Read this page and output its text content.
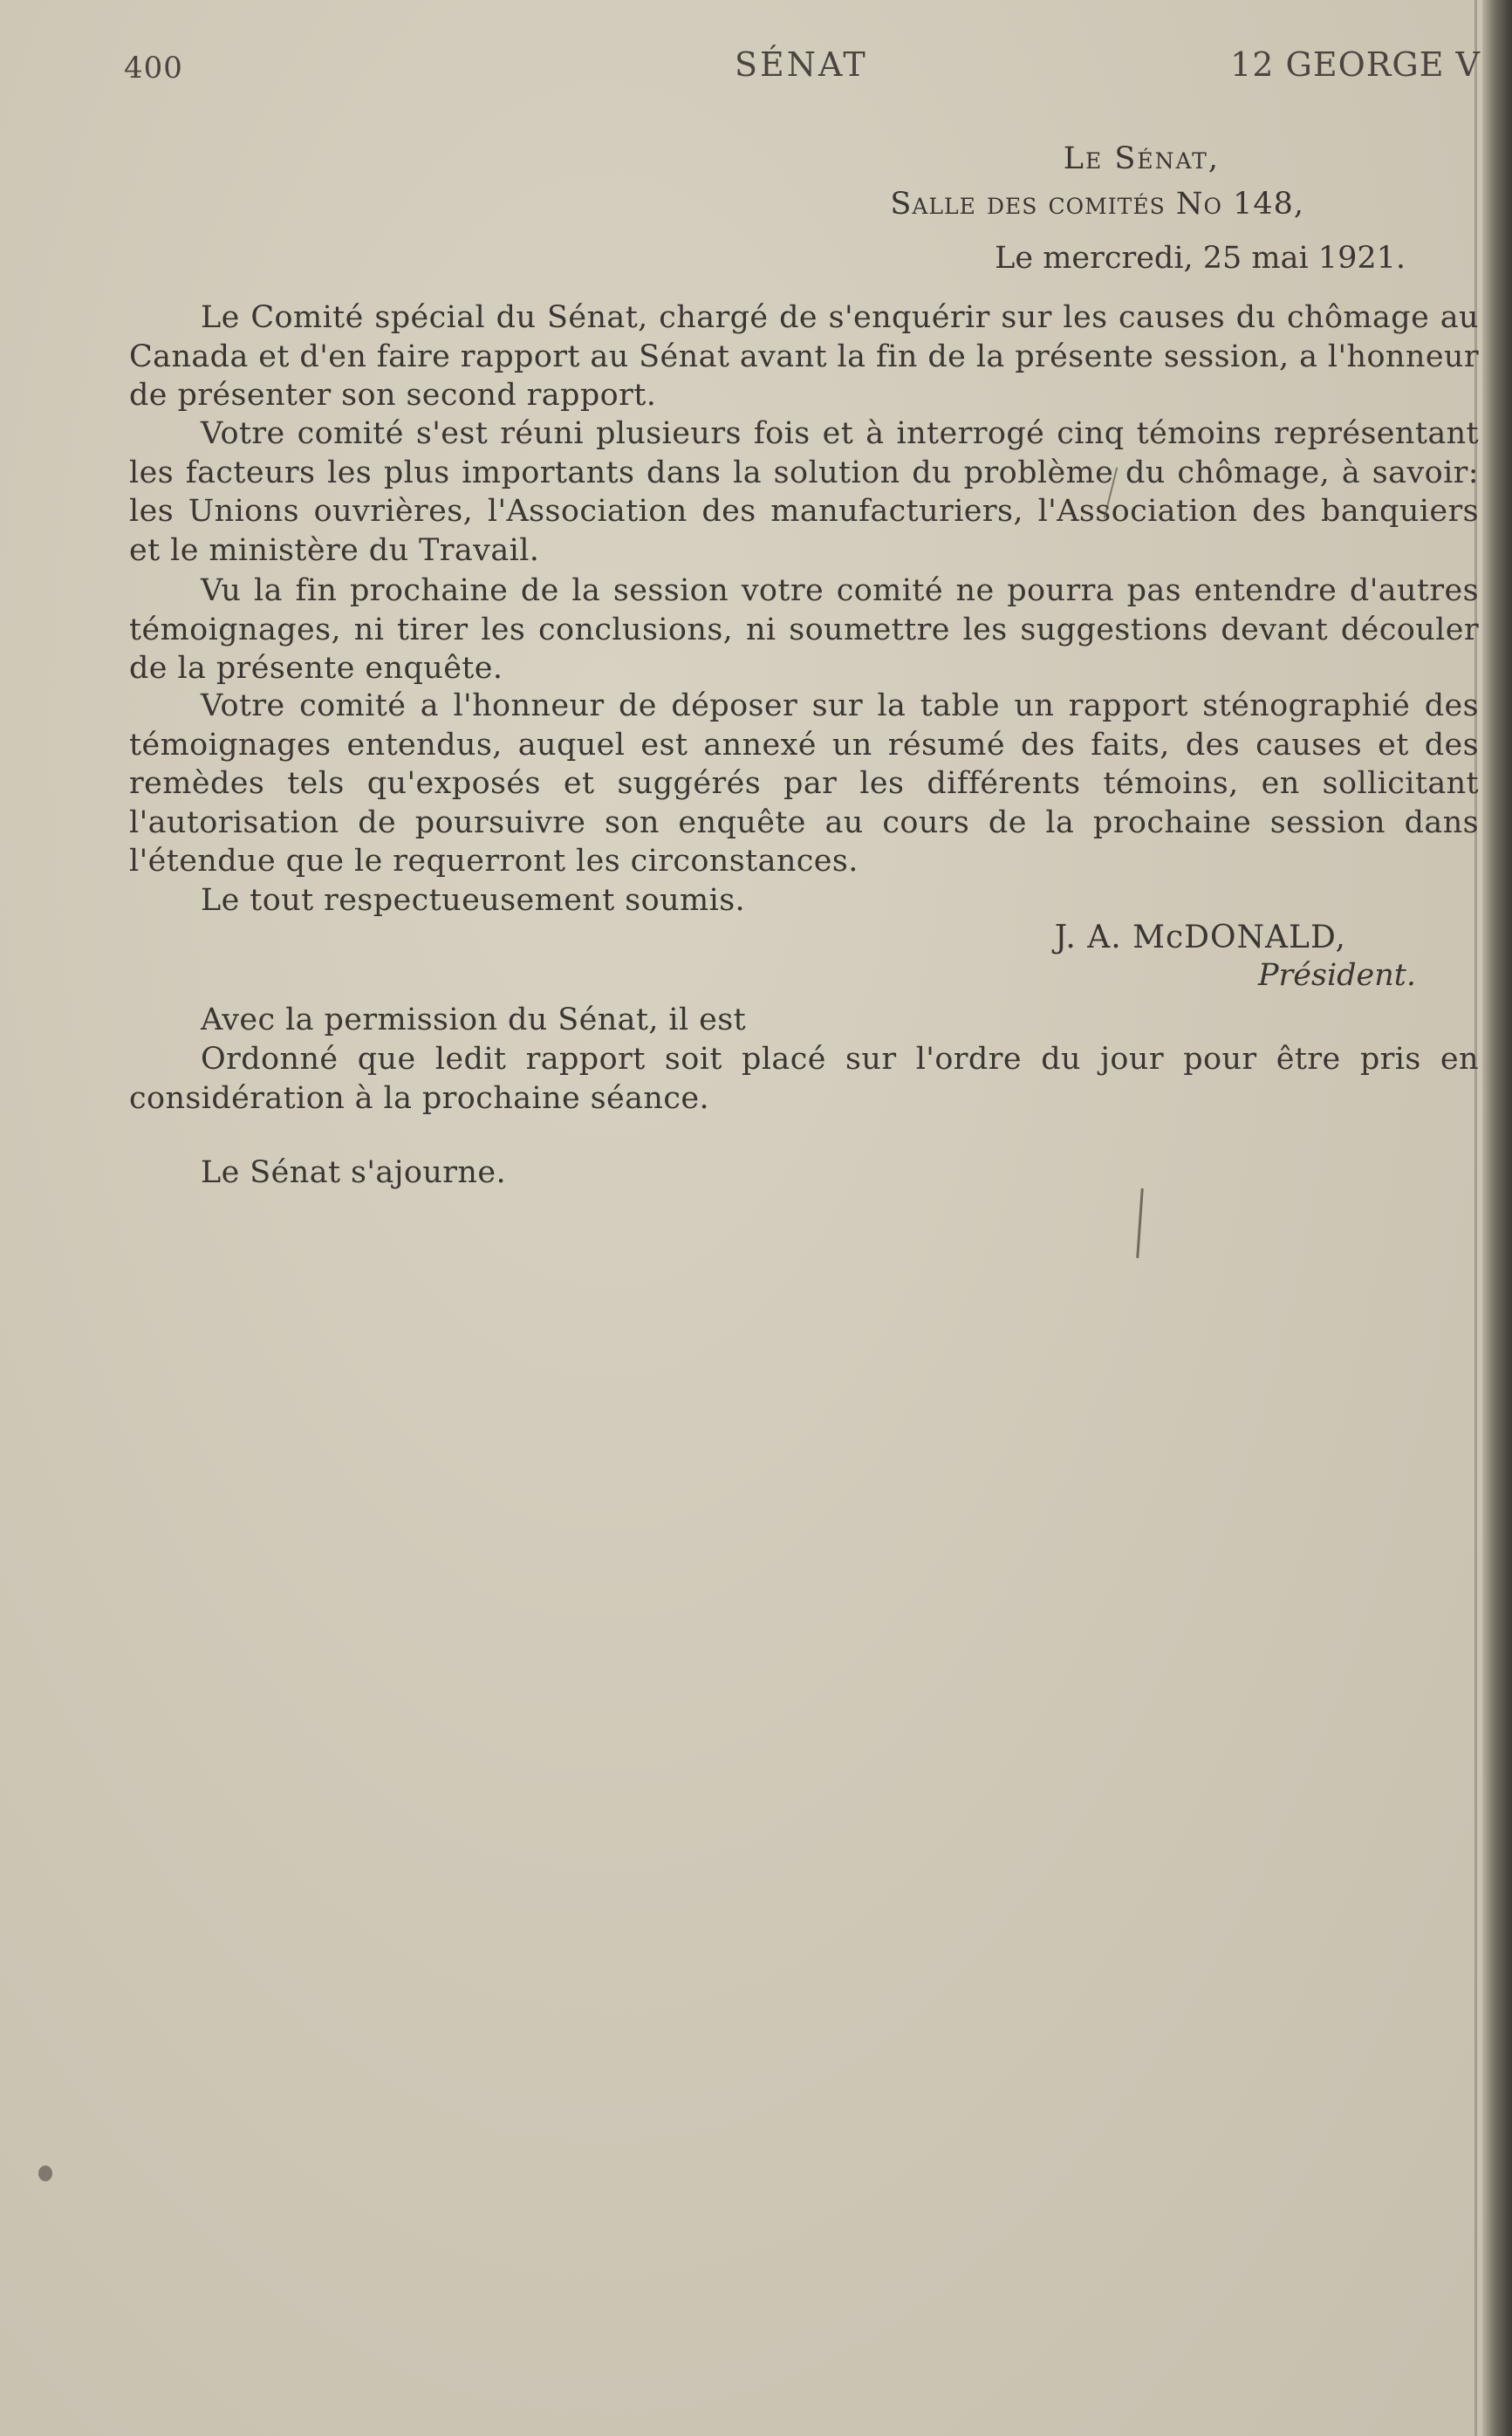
400	SÉNAT	12 GEORGE V
Le Sénat,
Salle des comités No 148,
Le mercredi, 25 mai 1921.

Le Comité spécial du Sénat, chargé de s'enquérir sur les causes du chômage au Canada et d'en faire rapport au Sénat avant la fin de la présente session, a l'honneur de présenter son second rapport.

Votre comité s'est réuni plusieurs fois et à interrogé cinq témoins représentant les facteurs les plus importants dans la solution du problème du chômage, à savoir: les Unions ouvrières, l'Association des manufacturiers, l'Association des banquiers et le ministère du Travail.

Vu la fin prochaine de la session votre comité ne pourra pas entendre d'autres témoignages, ni tirer les conclusions, ni soumettre les suggestions devant découler de la présente enquête.

Votre comité a l'honneur de déposer sur la table un rapport sténographié des témoignages entendus, auquel est annexé un résumé des faits, des causes et des remèdes tels qu'exposés et suggérés par les différents témoins, en sollicitant l'autorisation de poursuivre son enquête au cours de la prochaine session dans l'étendue que le requerront les circonstances.

Le tout respectueusement soumis.

J. A. McDONALD,
Président.

Avec la permission du Sénat, il est

Ordonné que ledit rapport soit placé sur l'ordre du jour pour être pris en considération à la prochaine séance.

Le Sénat s'ajourne.
